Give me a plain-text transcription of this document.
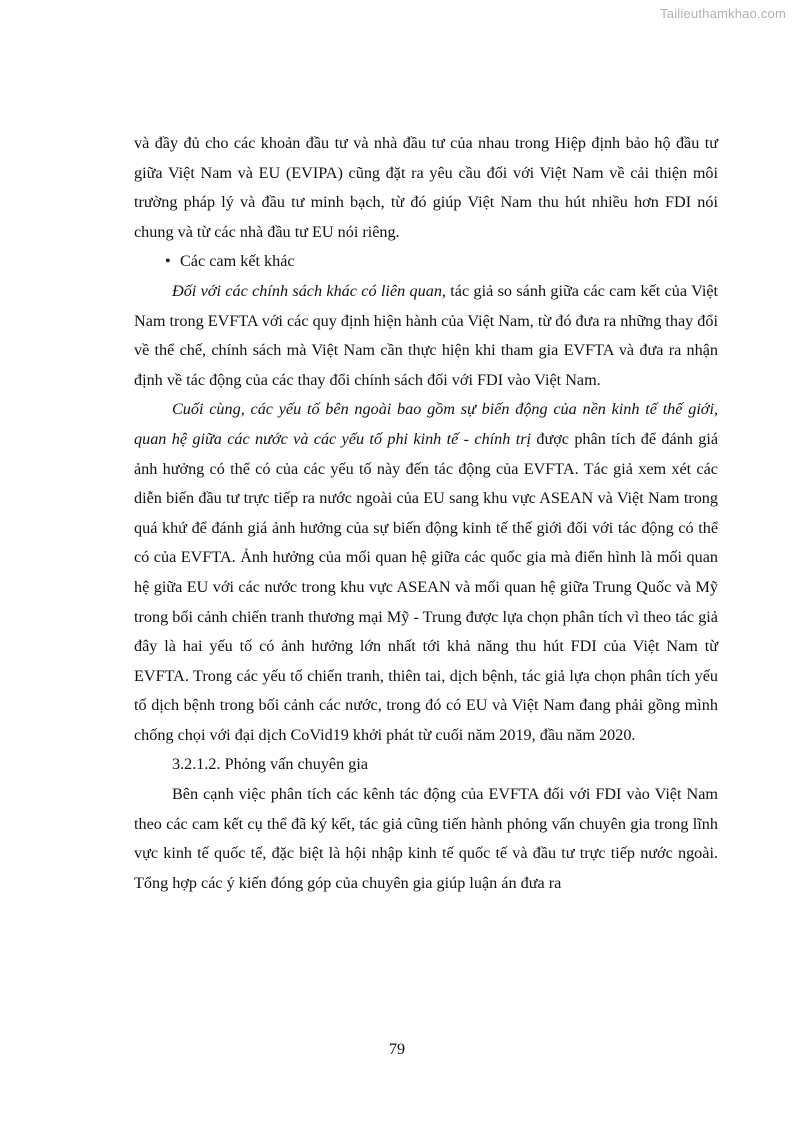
Tailieuthamkhao.com

và đầy đủ cho các khoản đầu tư và nhà đầu tư của nhau trong Hiệp định bảo hộ đầu tư giữa Việt Nam và EU (EVIPA) cũng đặt ra yêu cầu đối với Việt Nam về cải thiện môi trường pháp lý và đầu tư minh bạch, từ đó giúp Việt Nam thu hút nhiều hơn FDI nói chung và từ các nhà đầu tư EU nói riêng.

• Các cam kết khác

Đối với các chính sách khác có liên quan, tác giả so sánh giữa các cam kết của Việt Nam trong EVFTA với các quy định hiện hành của Việt Nam, từ đó đưa ra những thay đổi về thể chế, chính sách mà Việt Nam cần thực hiện khi tham gia EVFTA và đưa ra nhận định về tác động của các thay đổi chính sách đối với FDI vào Việt Nam.

Cuối cùng, các yếu tố bên ngoài bao gồm sự biến động của nền kinh tế thế giới, quan hệ giữa các nước và các yếu tố phi kinh tế - chính trị được phân tích để đánh giá ảnh hưởng có thể có của các yếu tố này đến tác động của EVFTA. Tác giả xem xét các diễn biến đầu tư trực tiếp ra nước ngoài của EU sang khu vực ASEAN và Việt Nam trong quá khứ để đánh giá ảnh hưởng của sự biến động kinh tế thế giới đối với tác động có thể có của EVFTA. Ảnh hưởng của mối quan hệ giữa các quốc gia mà điển hình là mối quan hệ giữa EU với các nước trong khu vực ASEAN và mối quan hệ giữa Trung Quốc và Mỹ trong bối cảnh chiến tranh thương mại Mỹ - Trung được lựa chọn phân tích vì theo tác giả đây là hai yếu tố có ảnh hưởng lớn nhất tới khả năng thu hút FDI của Việt Nam từ EVFTA. Trong các yếu tố chiến tranh, thiên tai, dịch bệnh, tác giả lựa chọn phân tích yếu tố dịch bệnh trong bối cảnh các nước, trong đó có EU và Việt Nam đang phải gồng mình chống chọi với đại dịch CoVid19 khởi phát từ cuối năm 2019, đầu năm 2020.

3.2.1.2. Phỏng vấn chuyên gia

Bên cạnh việc phân tích các kênh tác động của EVFTA đối với FDI vào Việt Nam theo các cam kết cụ thể đã ký kết, tác giả cũng tiến hành phỏng vấn chuyên gia trong lĩnh vực kinh tế quốc tế, đặc biệt là hội nhập kinh tế quốc tế và đầu tư trực tiếp nước ngoài. Tổng hợp các ý kiến đóng góp của chuyên gia giúp luận án đưa ra

79
